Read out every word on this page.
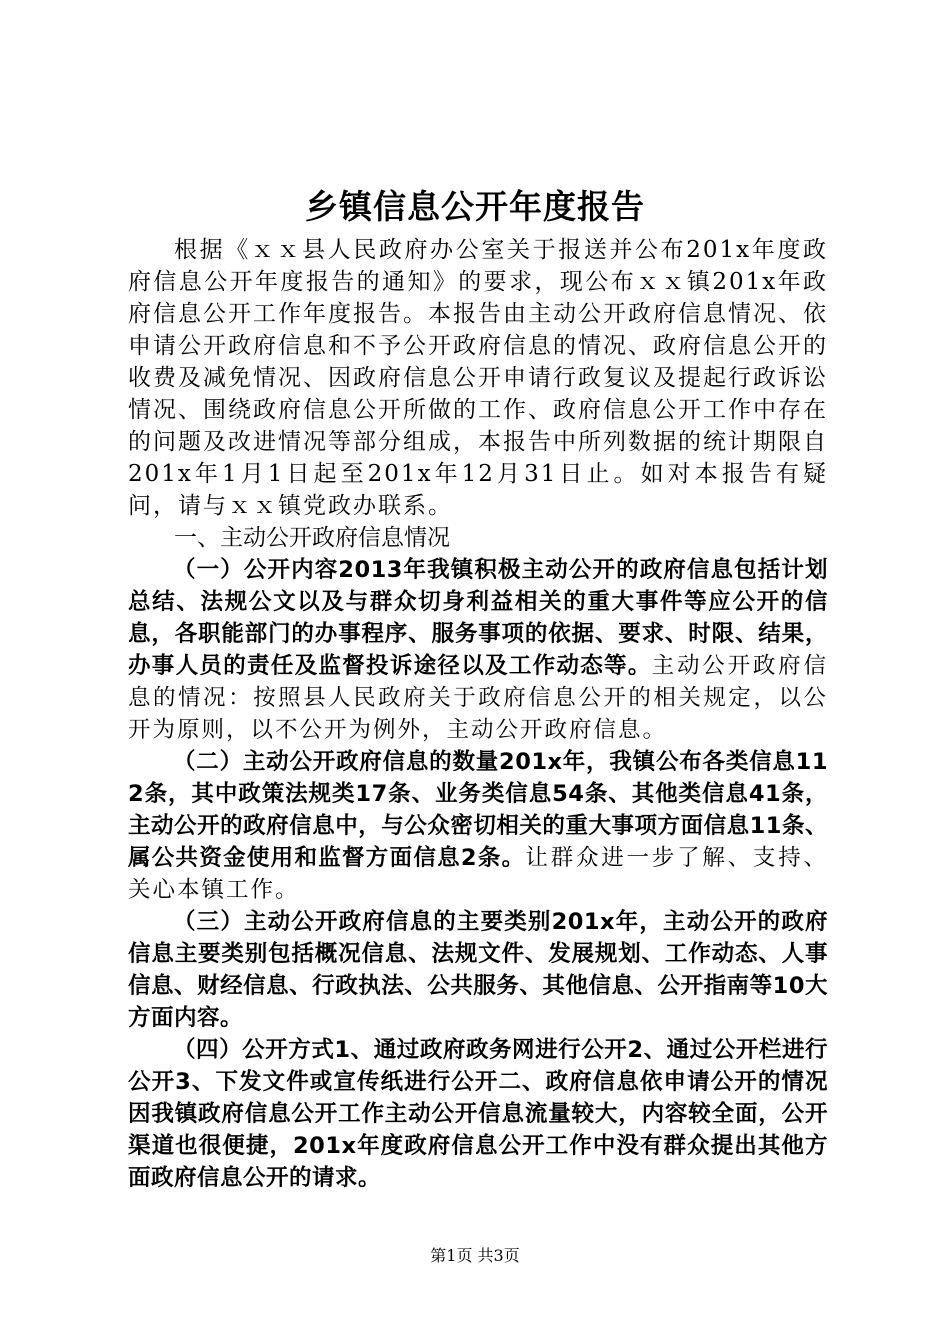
乡镇信息公开年度报告

根据《ｘｘ县人民政府办公室关于报送并公布201x年度政府信息公开年度报告的通知》的要求，现公布ｘｘ镇201x年政府信息公开工作年度报告。本报告由主动公开政府信息情况、依申请公开政府信息和不予公开政府信息的情况、政府信息公开的收费及减免情况、因政府信息公开申请行政复议及提起行政诉讼情况、围绕政府信息公开所做的工作、政府信息公开工作中存在的问题及改进情况等部分组成，本报告中所列数据的统计期限自201x年1月1日起至201x年12月31日止。如对本报告有疑问，请与ｘｘ镇党政办联系。

一、主动公开政府信息情况

（一）公开内容2013年我镇积极主动公开的政府信息包括计划总结、法规公文以及与群众切身利益相关的重大事件等应公开的信息，各职能部门的办事程序、服务事项的依据、要求、时限、结果，办事人员的责任及监督投诉途径以及工作动态等。主动公开政府信息的情况：按照县人民政府关于政府信息公开的相关规定，以公开为原则，以不公开为例外，主动公开政府信息。

（二）主动公开政府信息的数量201x年，我镇公布各类信息112条，其中政策法规类17条、业务类信息54条、其他类信息41条，主动公开的政府信息中，与公众密切相关的重大事项方面信息11条、属公共资金使用和监督方面信息2条。让群众进一步了解、支持、关心本镇工作。

（三）主动公开政府信息的主要类别201x年，主动公开的政府信息主要类别包括概况信息、法规文件、发展规划、工作动态、人事信息、财经信息、行政执法、公共服务、其他信息、公开指南等10大方面内容。

（四）公开方式1、通过政府政务网进行公开2、通过公开栏进行公开3、下发文件或宣传纸进行公开二、政府信息依申请公开的情况因我镇政府信息公开工作主动公开信息流量较大，内容较全面，公开渠道也很便捷，201x年度政府信息公开工作中没有群众提出其他方面政府信息公开的请求。

第1页 共3页
